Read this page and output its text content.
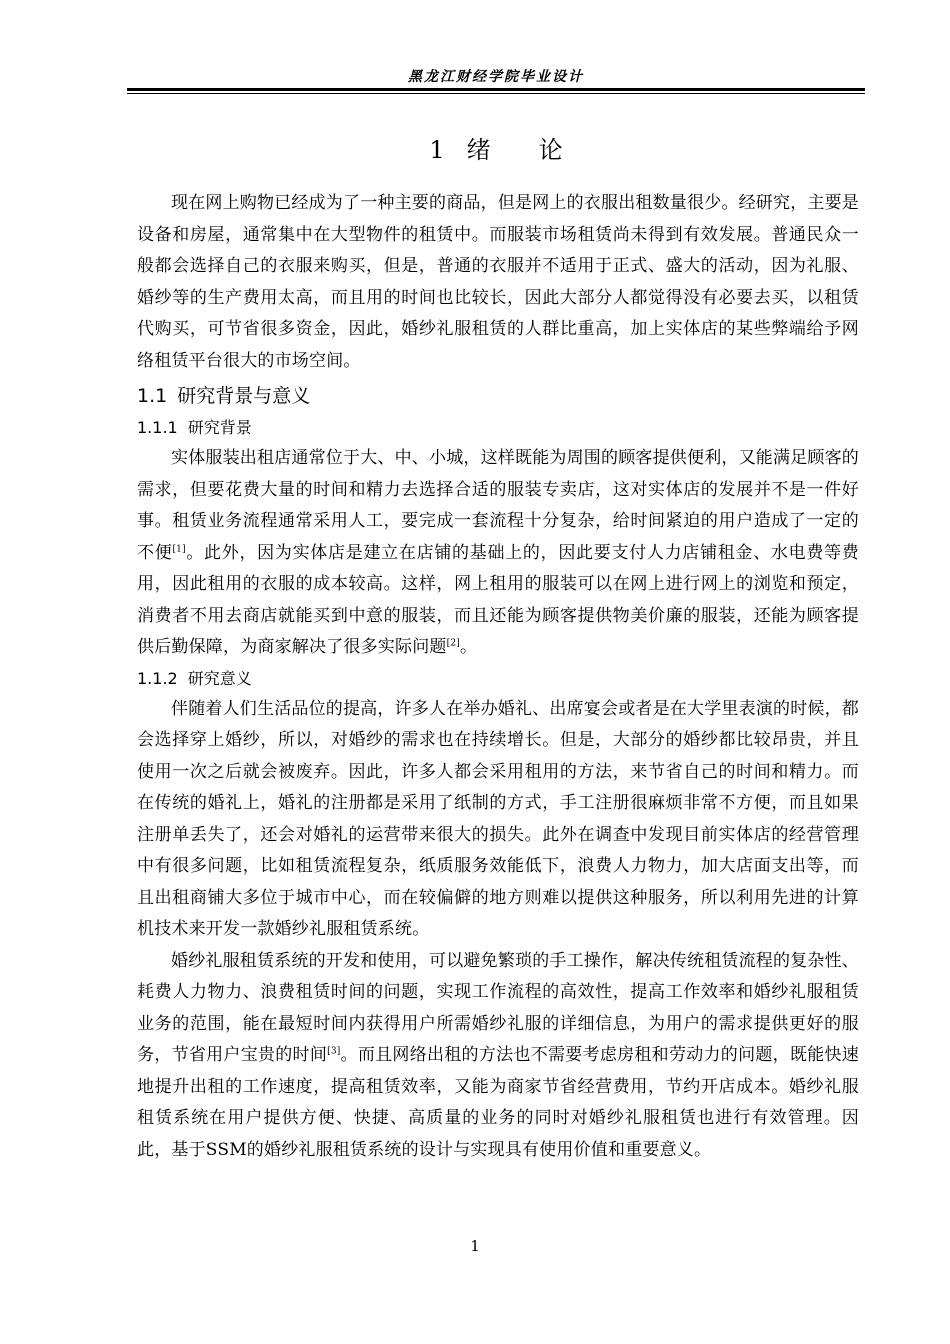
黑龙江财经学院毕业设计
1 绪 论

现在网上购物已经成为了一种主要的商品，但是网上的衣服出租数量很少。经研究，主要是设备和房屋，通常集中在大型物件的租赁中。而服装市场租赁尚未得到有效发展。普通民众一般都会选择自己的衣服来购买，但是，普通的衣服并不适用于正式、盛大的活动，因为礼服、婚纱等的生产费用太高，而且用的时间也比较长，因此大部分人都觉得没有必要去买，以租赁代购买，可节省很多资金，因此，婚纱礼服租赁的人群比重高，加上实体店的某些弊端给予网络租赁平台很大的市场空间。

1.1 研究背景与意义
1.1.1 研究背景

实体服装出租店通常位于大、中、小城，这样既能为周围的顾客提供便利，又能满足顾客的需求，但要花费大量的时间和精力去选择合适的服装专卖店，这对实体店的发展并不是一件好事。租赁业务流程通常采用人工，要完成一套流程十分复杂，给时间紧迫的用户造成了一定的不便[1]。此外，因为实体店是建立在店铺的基础上的，因此要支付人力店铺租金、水电费等费用，因此租用的衣服的成本较高。这样，网上租用的服装可以在网上进行网上的浏览和预定，消费者不用去商店就能买到中意的服装，而且还能为顾客提供物美价廉的服装，还能为顾客提供后勤保障，为商家解决了很多实际问题[2]。

1.1.2 研究意义

伴随着人们生活品位的提高，许多人在举办婚礼、出席宴会或者是在大学里表演的时候，都会选择穿上婚纱，所以，对婚纱的需求也在持续增长。但是，大部分的婚纱都比较昂贵，并且使用一次之后就会被废弃。因此，许多人都会采用租用的方法，来节省自己的时间和精力。而在传统的婚礼上，婚礼的注册都是采用了纸制的方式，手工注册很麻烦非常不方便，而且如果注册单丢失了，还会对婚礼的运营带来很大的损失。此外在调查中发现目前实体店的经营管理中有很多问题，比如租赁流程复杂，纸质服务效能低下，浪费人力物力，加大店面支出等，而且出租商铺大多位于城市中心，而在较偏僻的地方则难以提供这种服务，所以利用先进的计算机技术来开发一款婚纱礼服租赁系统。

婚纱礼服租赁系统的开发和使用，可以避免繁琐的手工操作，解决传统租赁流程的复杂性、耗费人力物力、浪费租赁时间的问题，实现工作流程的高效性，提高工作效率和婚纱礼服租赁业务的范围，能在最短时间内获得用户所需婚纱礼服的详细信息，为用户的需求提供更好的服务，节省用户宝贵的时间[3]。而且网络出租的方法也不需要考虑房租和劳动力的问题，既能快速地提升出租的工作速度，提高租赁效率，又能为商家节省经营费用，节约开店成本。婚纱礼服租赁系统在用户提供方便、快捷、高质量的业务的同时对婚纱礼服租赁也进行有效管理。因此，基于SSM的婚纱礼服租赁系统的设计与实现具有使用价值和重要意义。

1
